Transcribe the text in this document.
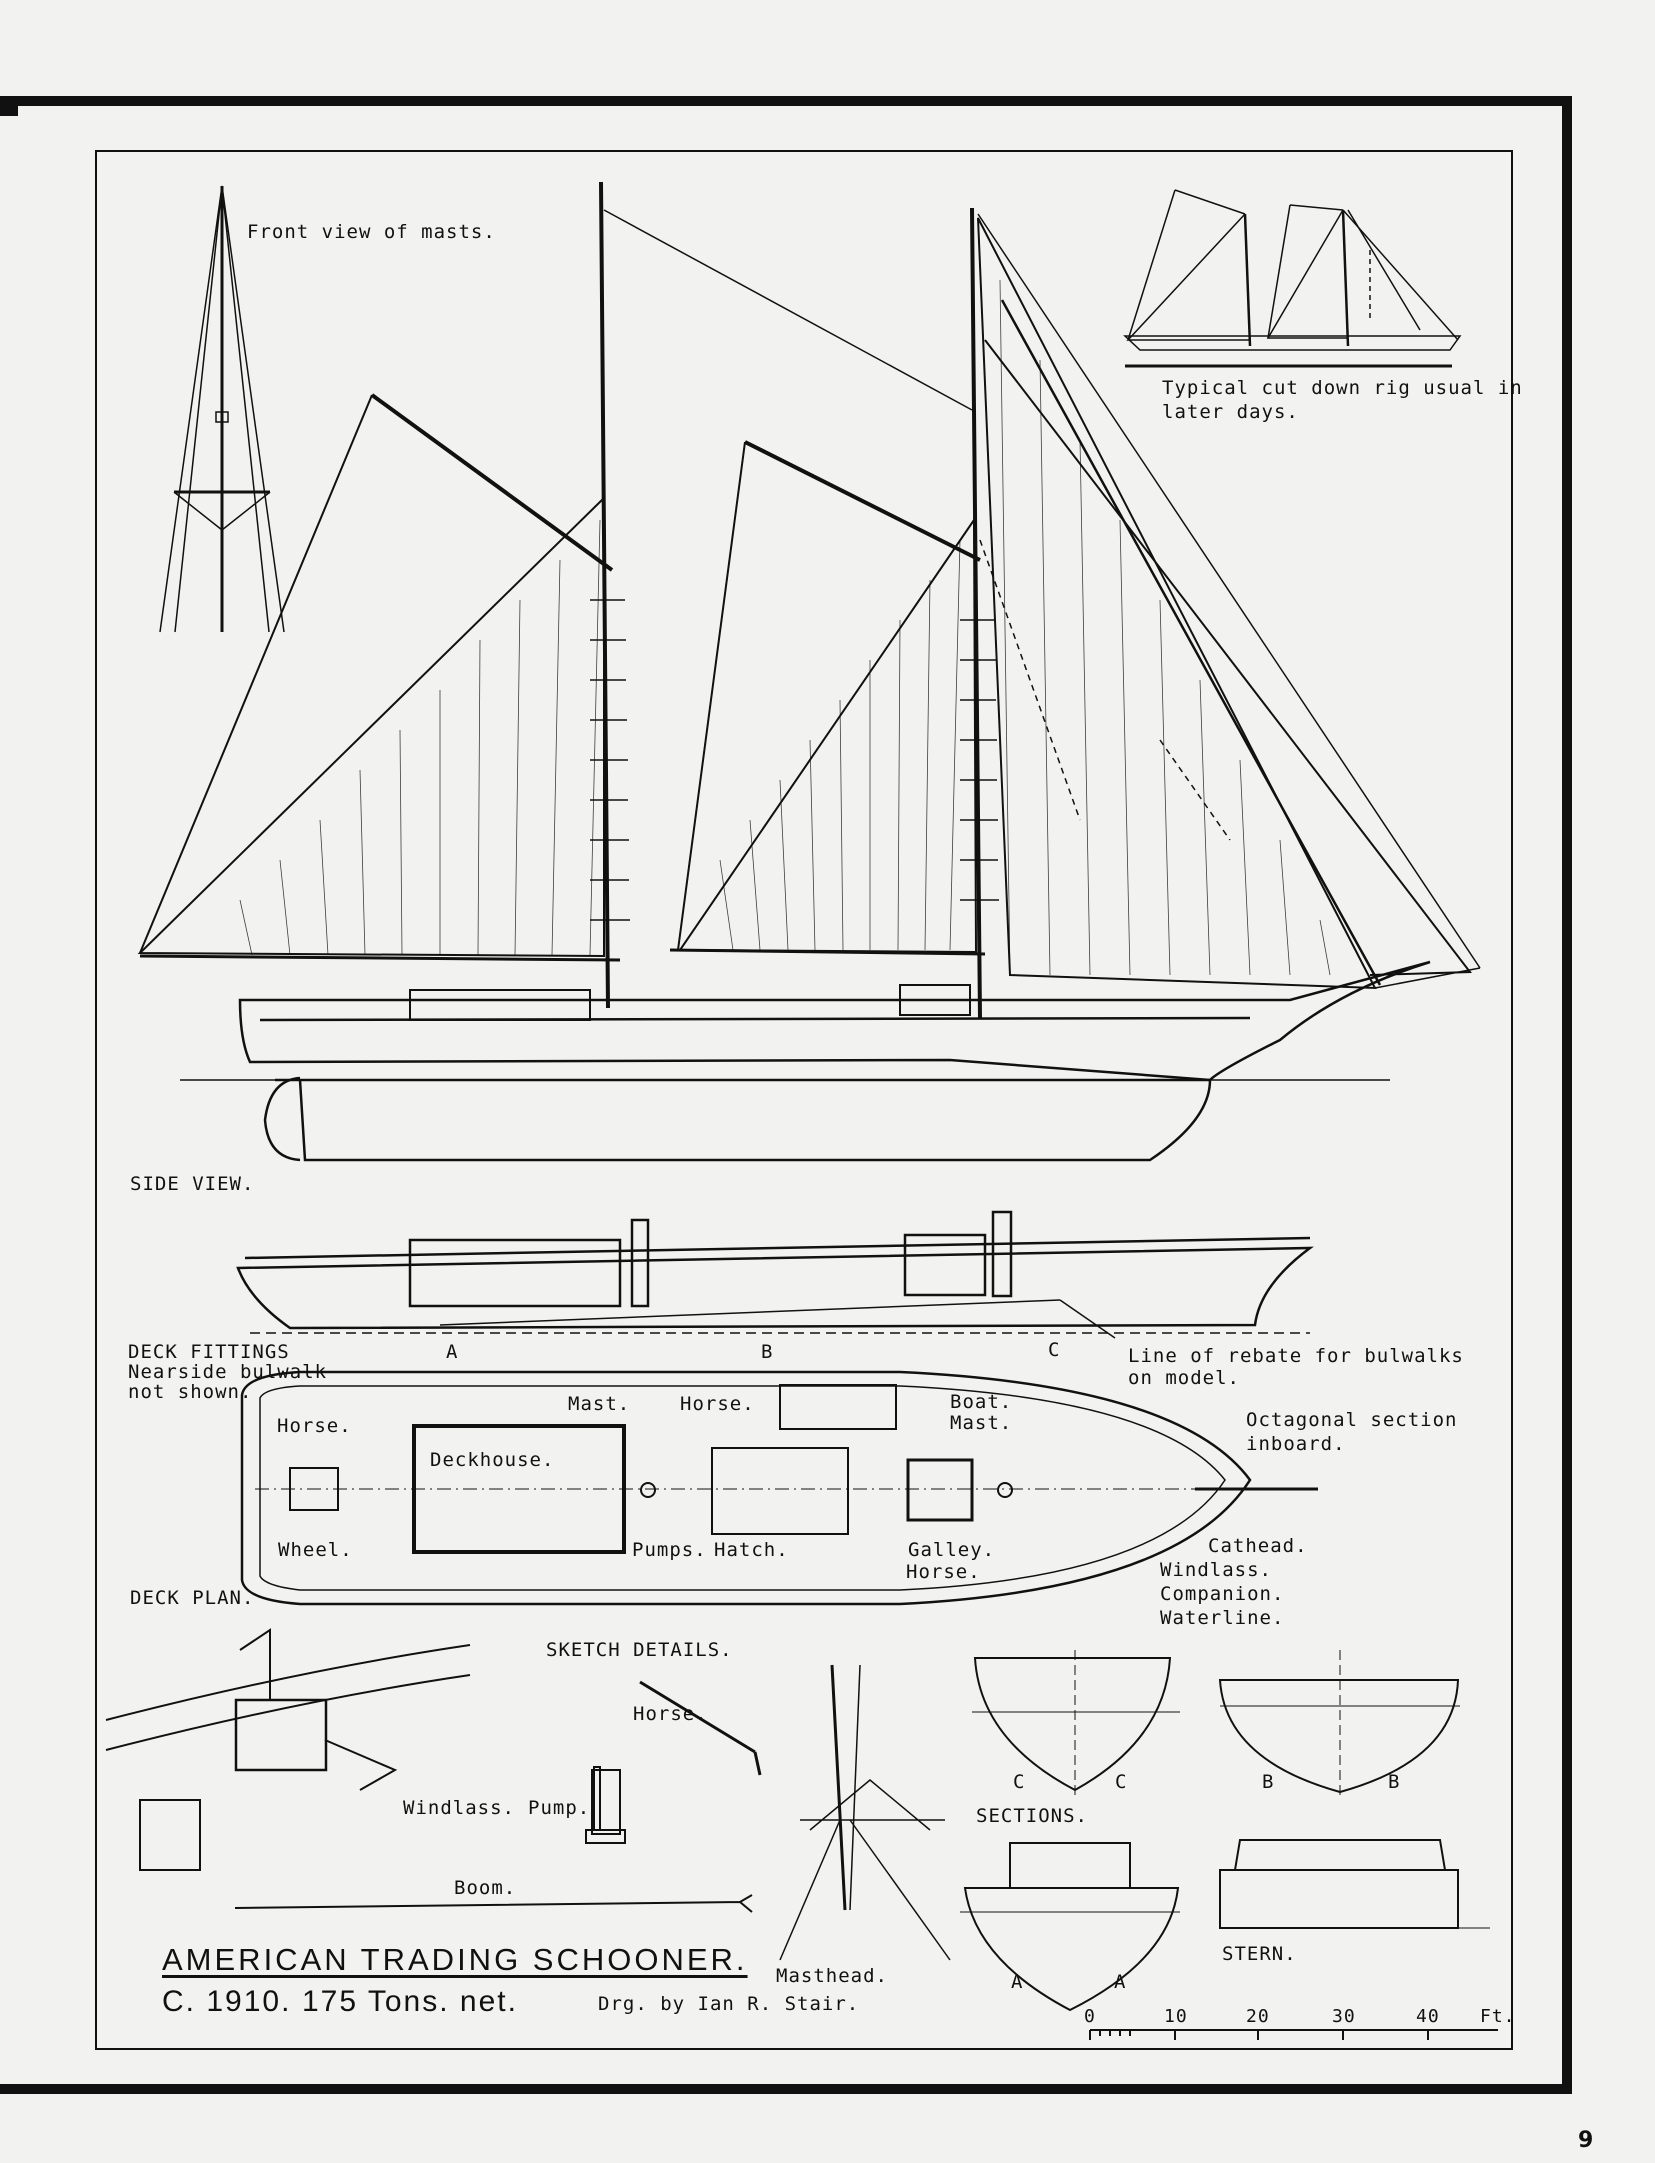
Front view of masts.
Typical cut down rig usual in
later days.
SIDE VIEW.
DECK FITTINGS
Nearside bulwalk
not shown.
A	B	C	Line of rebate for bulwalks
on model.
Octagonal section
inboard.
Horse.
Wheel.
Deckhouse.
Mast.	Horse.
Pumps. Hatch.
Boat.
Mast.
Galley.
Horse.
Cathead.
Windlass.
Companion.
Waterline.
DECK PLAN.
SKETCH DETAILS.
Windlass. Pump.
Horse.
Boom.
Masthead.
C	C	B	B
SECTIONS.
A	A
STERN.
0	10	20	30	40 Ft.
AMERICAN TRADING SCHOONER.
C. 1910. 175 Tons. net.	Drg. by Ian R. Stair.
9
